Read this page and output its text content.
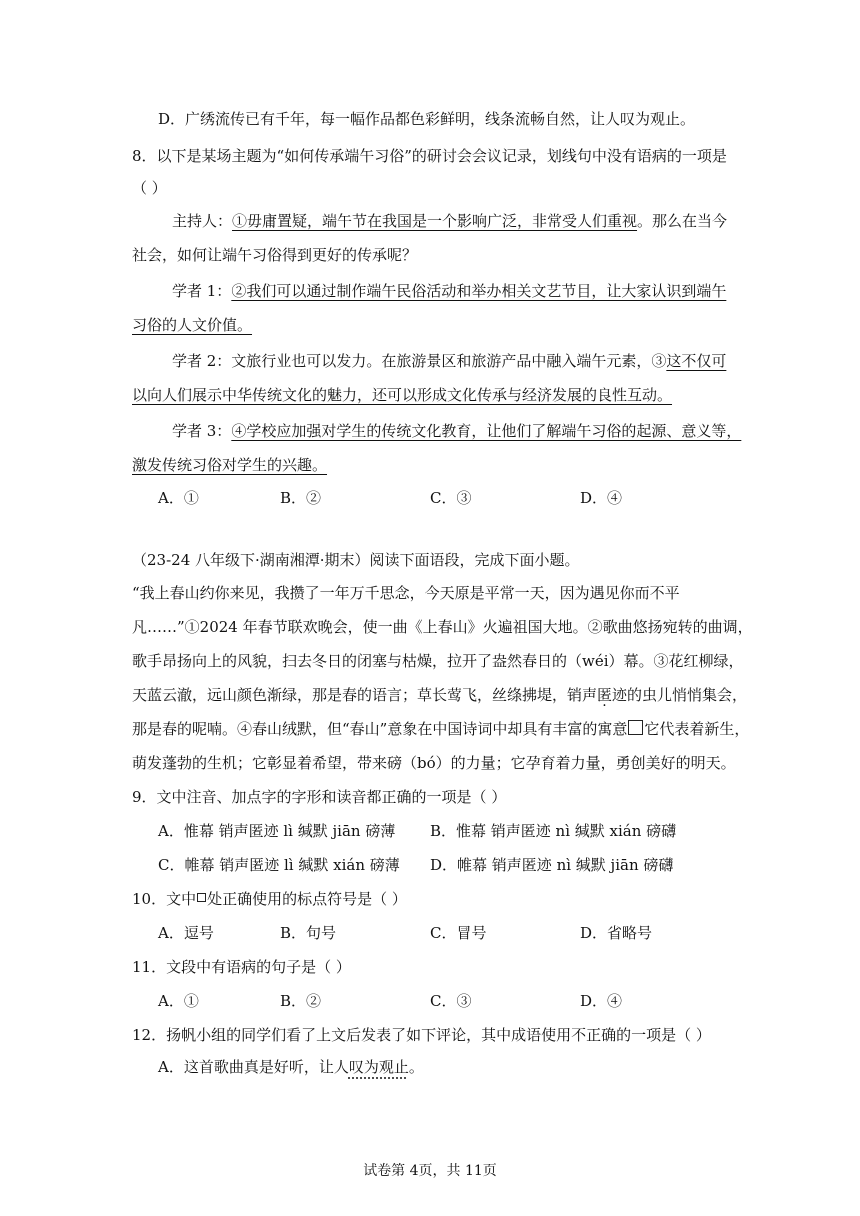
D．广绣流传已有千年，每一幅作品都色彩鲜明，线条流畅自然，让人叹为观止。
8．以下是某场主题为“如何传承端午习俗”的研讨会会议记录，划线句中没有语病的一项是
（ ）
主持人：①毋庸置疑，端午节在我国是一个影响广泛，非常受人们重视。那么在当今
社会，如何让端午习俗得到更好的传承呢？
学者 1：②我们可以通过制作端午民俗活动和举办相关文艺节目，让大家认识到端午
习俗的人文价值。
学者 2：文旅行业也可以发力。在旅游景区和旅游产品中融入端午元素，③这不仅可
以向人们展示中华传统文化的魅力，还可以形成文化传承与经济发展的良性互动。
学者 3：④学校应加强对学生的传统文化教育，让他们了解端午习俗的起源、意义等，
激发传统习俗对学生的兴趣。
A．①	B．②	C．③	D．④
（23-24 八年级下·湖南湘潭·期末）阅读下面语段，完成下面小题。
“我上春山约你来见，我攒了一年万千思念，今天原是平常一天，因为遇见你而不平
凡……”①2024 年春节联欢晚会，使一曲《上春山》火遍祖国大地。②歌曲悠扬宛转的曲调，
歌手昂扬向上的风貌，扫去冬日的闭塞与枯燥，拉开了盎然春日的（wéi）幕。③花红柳绿，
天蓝云澈，远山颜色渐绿，那是春的语言；草长莺飞，丝绦拂堤，销声匿迹的虫儿悄悄集会，
那是春的呢喃。④春山绒默，但“春山”意象在中国诗词中却具有丰富的寓意 它代表着新生，
萌发蓬勃的生机；它彰显着希望，带来磅（bó）的力量；它孕育着力量，勇创美好的明天。
9．文中注音、加点字的字形和读音都正确的一项是（ ）
A．惟幕 销声匿迹 lì 缄默 jiān 磅薄 B．惟幕 销声匿迹 nì 缄默 xián 磅礴
C．帷幕 销声匿迹 lì 缄默 xián 磅薄 D．帷幕 销声匿迹 nì 缄默 jiān 磅礴
10．文中 处正确使用的标点符号是（ ）
A．逗号	B．句号	C．冒号	D．省略号
11．文段中有语病的句子是（ ）
A．①	B．②	C．③	D．④
12．扬帆小组的同学们看了上文后发表了如下评论，其中成语使用不正确的一项是（ ）
A．这首歌曲真是好听，让人叹为观止。
试卷第 4页，共 11页
